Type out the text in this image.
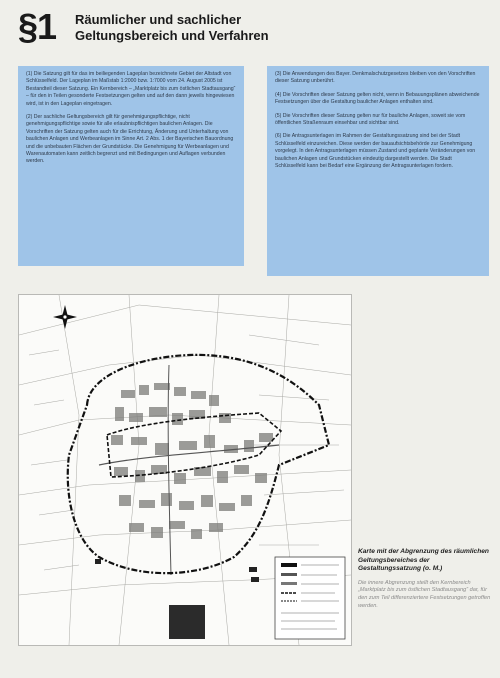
§1 Räumlicher und sachlicher
Geltungsbereich und Verfahren

(1) Die Satzung gilt für das im beiliegenden Lageplan bezeichnete Gebiet der Altstadt von Schlüsselfeld. Der Lageplan im Maßstab 1:2000 bzw. 1:7000 vom 24. August 2005 ist Bestandteil dieser Satzung. Ein Kernbereich – „Marktplatz bis zum östlichen Stadtausgang“ – für den in Teilen gesonderte Festsetzungen gelten und auf den dann jeweils hingewiesen wird, ist in den Lageplan eingetragen.

(2) Der sachliche Geltungsbereich gilt für genehmigungspflichtige, nicht genehmigungspflichtige sowie für alle erlaubnispflichtigen baulichen Anlagen. Die Vorschriften der Satzung gelten auch für die Errichtung, Änderung und Unterhaltung von baulichen Anlagen und Werbeanlagen im Sinne Art. 2 Abs. 1 der Bayerischen Bauordnung und die unbebauten Flächen der Grundstücke. Die Genehmigung für Werbeanlagen und Warenautomaten kann zeitlich begrenzt und mit Bedingungen und Auflagen verbunden werden.

(3) Die Anwendungen des Bayer. Denkmalschutzgesetzes bleiben von den Vorschriften dieser Satzung unberührt.

(4) Die Vorschriften dieser Satzung gelten nicht, wenn in Bebauungsplänen abweichende Festsetzungen über die Gestaltung baulicher Anlagen enthalten sind.

(5) Die Vorschriften dieser Satzung gelten nur für bauliche Anlagen, soweit sie vom öffentlichen Straßenraum einsehbar und sichtbar sind.

(6) Die Antragsunterlagen im Rahmen der Gestaltungssatzung sind bei der Stadt Schlüsselfeld einzureichen. Diese werden der bauaufsichtsbehörde zur Genehmigung vorgelegt. In den Antragsunterlagen müssen Zustand und geplante Veränderungen von baulichen Anlagen und Grundstücken eindeutig dargestellt werden. Die Stadt Schlüsselfeld kann bei Bedarf eine Ergänzung der Antragsunterlagen fordern.

Karte mit der Abgrenzung des räumlichen Geltungsbereiches der Gestaltungssatzung (o. M.)
Die innere Abgrenzung stellt den Kernbereich „Marktplatz bis zum östlichen Stadtausgang“ dar, für den zum Teil differenziertere Festsetzungen getroffen werden.
